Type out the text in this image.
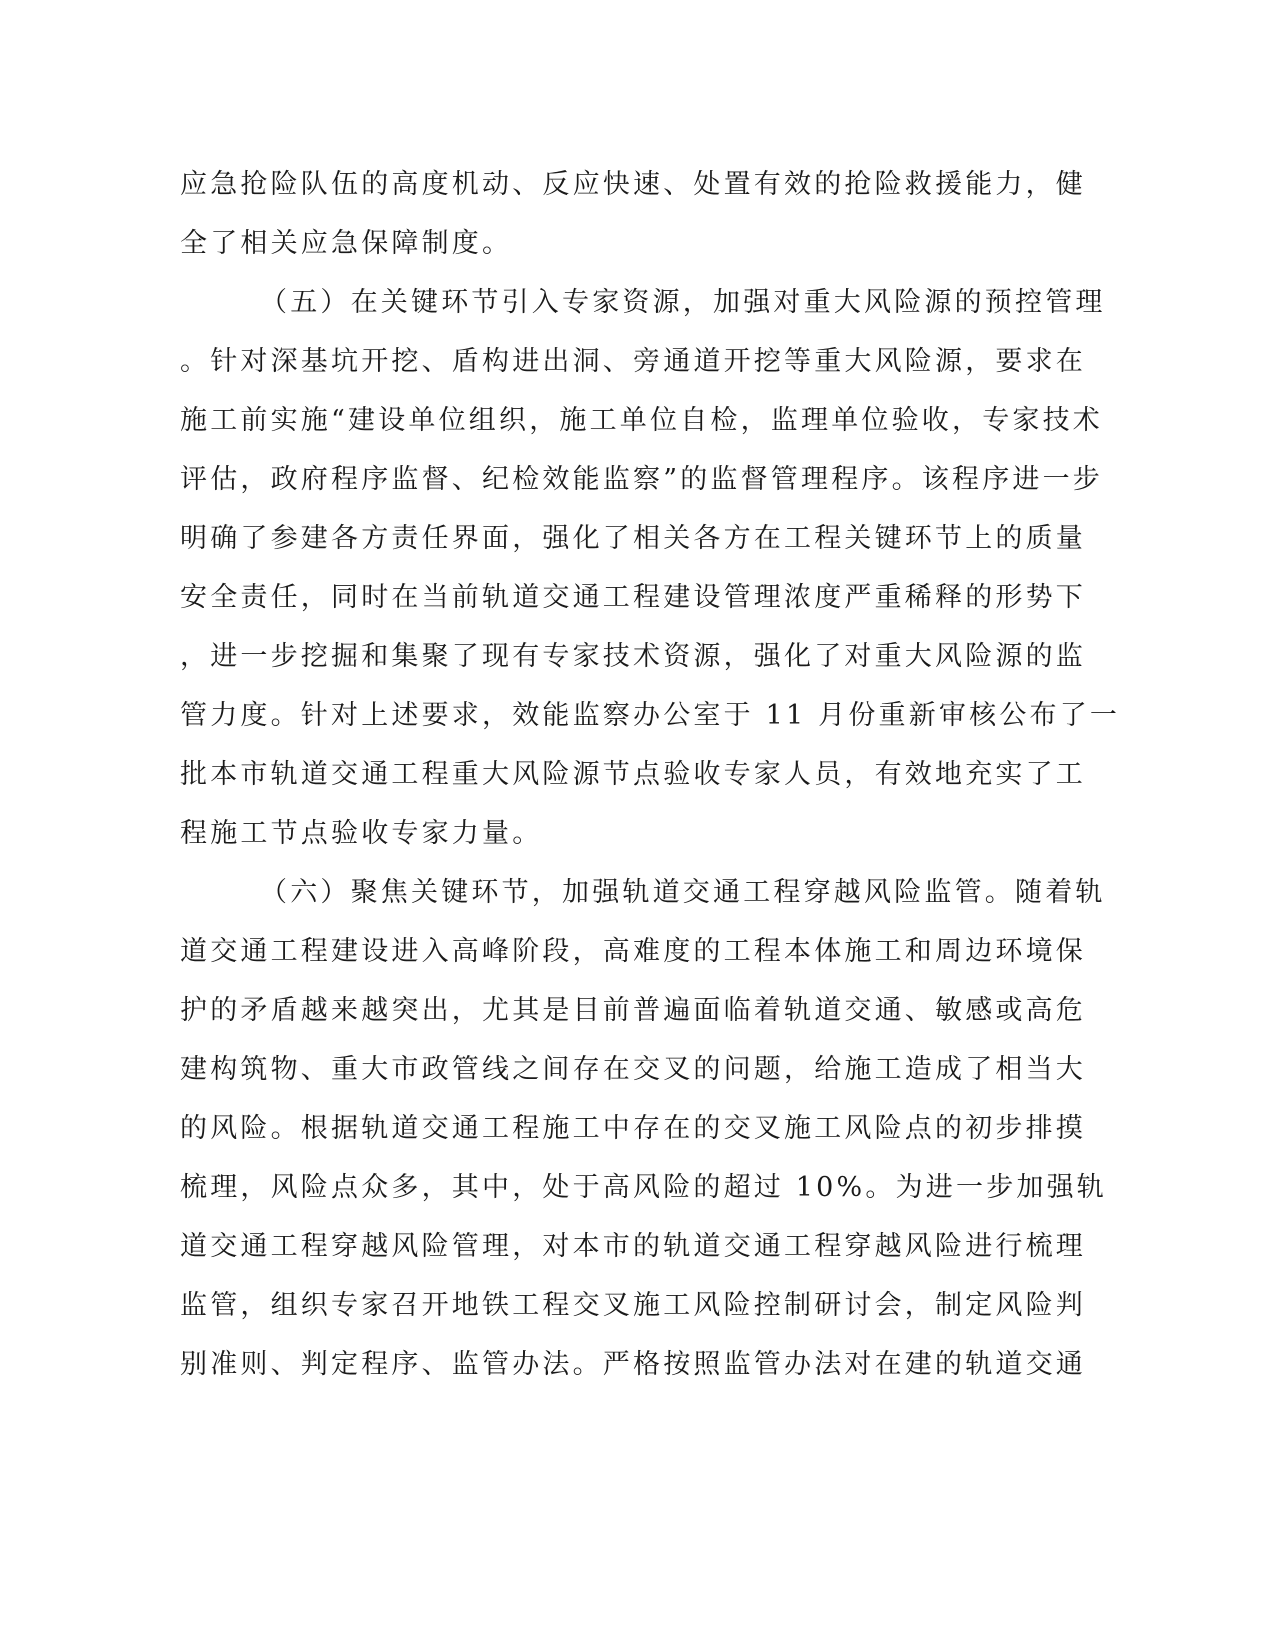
应急抢险队伍的高度机动、反应快速、处置有效的抢险救援能力，健
全了相关应急保障制度。
（五）在关键环节引入专家资源，加强对重大风险源的预控管理
。针对深基坑开挖、盾构进出洞、旁通道开挖等重大风险源，要求在
施工前实施“建设单位组织，施工单位自检，监理单位验收，专家技术
评估，政府程序监督、纪检效能监察”的监督管理程序。该程序进一步
明确了参建各方责任界面，强化了相关各方在工程关键环节上的质量
安全责任，同时在当前轨道交通工程建设管理浓度严重稀释的形势下
，进一步挖掘和集聚了现有专家技术资源，强化了对重大风险源的监
管力度。针对上述要求，效能监察办公室于 11 月份重新审核公布了一
批本市轨道交通工程重大风险源节点验收专家人员，有效地充实了工
程施工节点验收专家力量。
（六）聚焦关键环节，加强轨道交通工程穿越风险监管。随着轨
道交通工程建设进入高峰阶段，高难度的工程本体施工和周边环境保
护的矛盾越来越突出，尤其是目前普遍面临着轨道交通、敏感或高危
建构筑物、重大市政管线之间存在交叉的问题，给施工造成了相当大
的风险。根据轨道交通工程施工中存在的交叉施工风险点的初步排摸
梳理，风险点众多，其中，处于高风险的超过 10%。为进一步加强轨
道交通工程穿越风险管理，对本市的轨道交通工程穿越风险进行梳理
监管，组织专家召开地铁工程交叉施工风险控制研讨会，制定风险判
别准则、判定程序、监管办法。严格按照监管办法对在建的轨道交通
